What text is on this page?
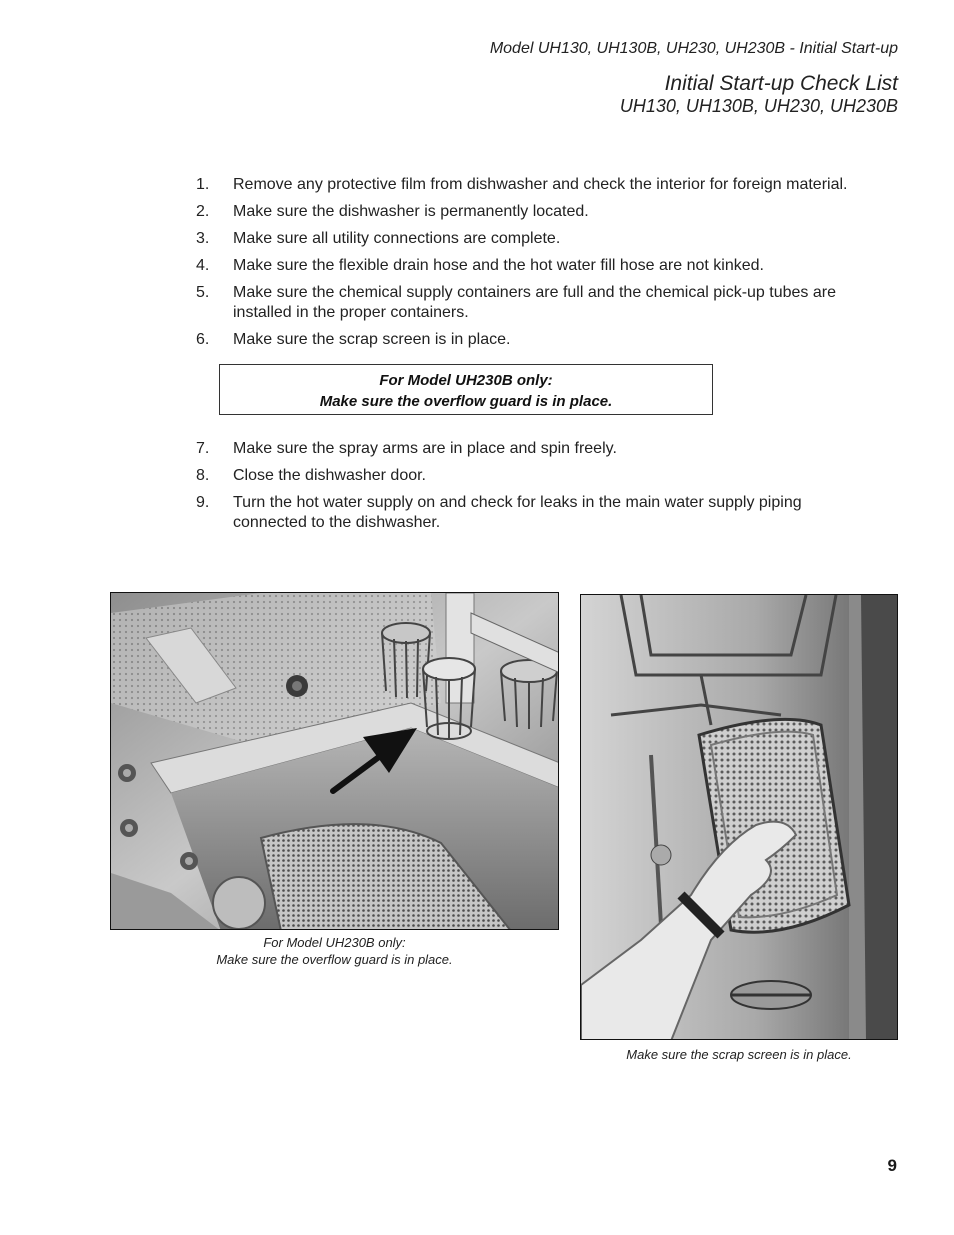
Model UH130, UH130B, UH230, UH230B - Initial Start-up
Initial Start-up Check List
UH130, UH130B, UH230, UH230B
1.	Remove any protective film from dishwasher and check the interior for foreign material.
2.	Make sure the dishwasher is permanently located.
3.	Make sure all utility connections are complete.
4.	Make sure the flexible drain hose and the hot water fill hose are not kinked.
5.	Make sure the chemical supply containers are full and the chemical pick-up tubes are installed in the proper containers.
6.	Make sure the scrap screen is in place.
For Model UH230B only:
Make sure the overflow guard is in place.
7.	Make sure the spray arms are in place and spin freely.
8.	Close the dishwasher door.
9.	Turn the hot water supply on and check for leaks in the main water supply piping connected to the dishwasher.
For Model UH230B only:
Make sure the overflow guard is in place.
Make sure the scrap screen is in place.
9
